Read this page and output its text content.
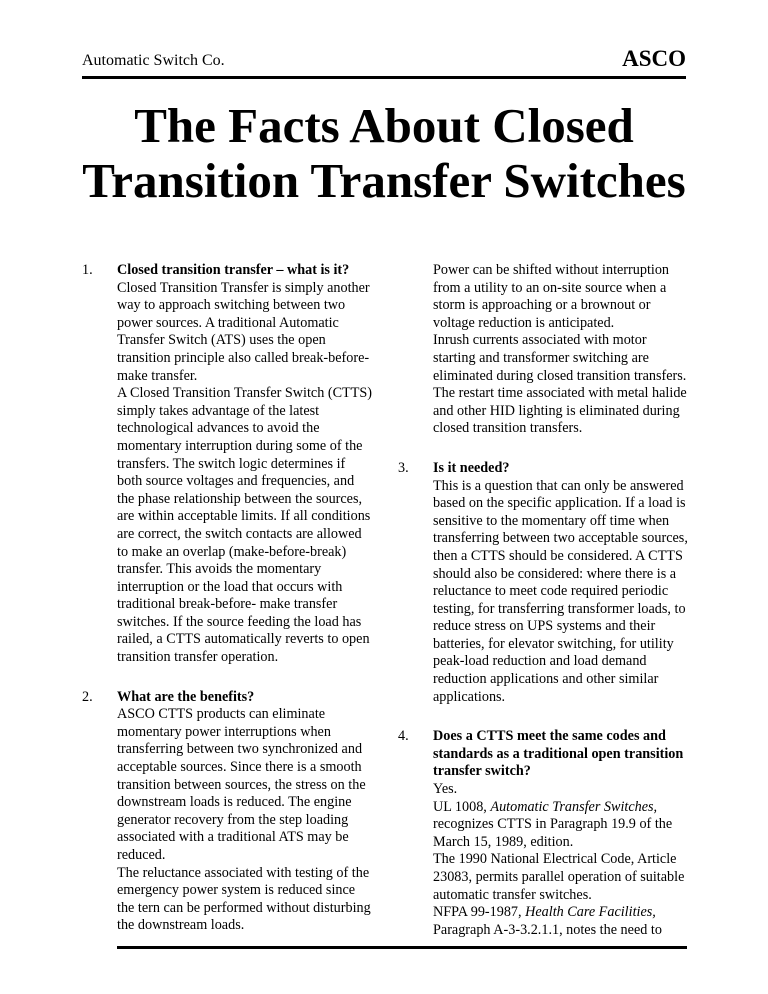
Automatic Switch Co.	ASCO
The Facts About Closed
Transition Transfer Switches
1. Closed transition transfer – what is it?

Closed Transition Transfer is simply another way to approach switching between two power sources. A traditional Automatic Transfer Switch (ATS) uses the open transition principle also called break-before-make transfer.

A Closed Transition Transfer Switch (CTTS) simply takes advantage of the latest technological advances to avoid the momentary interruption during some of the transfers. The switch logic determines if both source voltages and frequencies, and the phase relationship between the sources, are within acceptable limits. If all conditions are correct, the switch contacts are allowed to make an overlap (make-before-break) transfer. This avoids the momentary interruption or the load that occurs with traditional break-before- make transfer switches. If the source feeding the load has railed, a CTTS automatically reverts to open transition transfer operation.

2. What are the benefits?

ASCO CTTS products can eliminate momentary power interruptions when transferring between two synchronized and acceptable sources. Since there is a smooth transition between sources, the stress on the downstream loads is reduced. The engine generator recovery from the step loading associated with a traditional ATS may be reduced.

The reluctance associated with testing of the emergency power system is reduced since the tern can be performed without disturbing the downstream loads.

Power can be shifted without interruption from a utility to an on-site source when a storm is approaching or a brownout or voltage reduction is anticipated.

Inrush currents associated with motor starting and transformer switching are eliminated during closed transition transfers.

The restart time associated with metal halide and other HID lighting is eliminated during closed transition transfers.

3. Is it needed?

This is a question that can only be answered based on the specific application. If a load is sensitive to the momentary off time when transferring between two acceptable sources, then a CTTS should be considered. A CTTS should also be considered: where there is a reluctance to meet code required periodic testing, for transferring transformer loads, to reduce stress on UPS systems and their batteries, for elevator switching, for utility peak-load reduction and load demand reduction applications and other similar applications.

4. Does a CTTS meet the same codes and standards as a traditional open transition transfer switch?

Yes.

UL 1008, Automatic Transfer Switches, recognizes CTTS in Paragraph 19.9 of the March 15, 1989, edition.

The 1990 National Electrical Code, Article 23083, permits parallel operation of suitable automatic transfer switches.

NFPA 99-1987, Health Care Facilities,
Paragraph A-3-3.2.1.1, notes the need to
